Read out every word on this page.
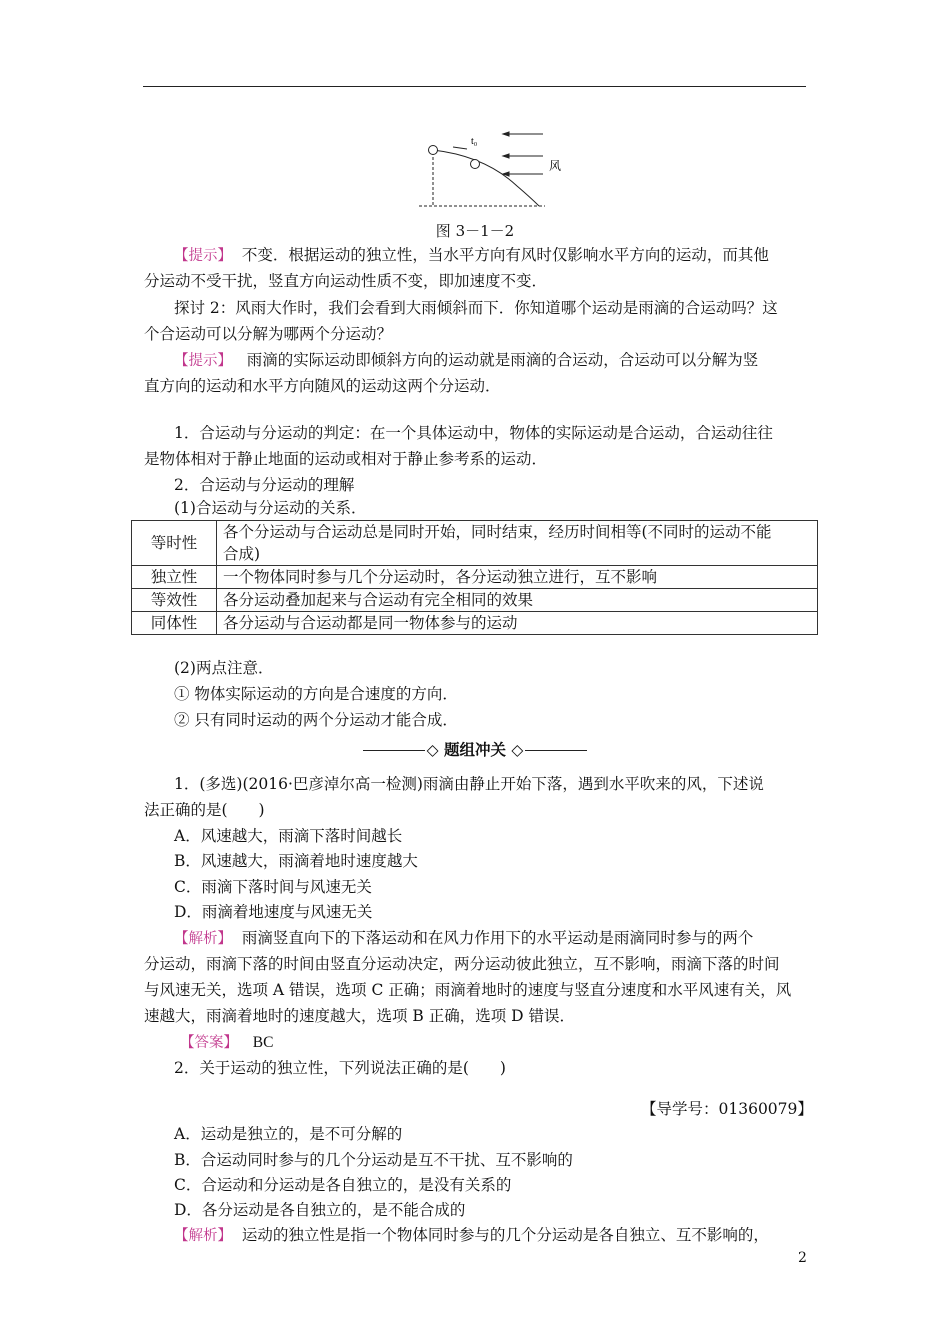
t₀
风
图 3－1－2
【提示】 不变．根据运动的独立性，当水平方向有风时仅影响水平方向的运动，而其他
分运动不受干扰，竖直方向运动性质不变，即加速度不变．
探讨 2：风雨大作时，我们会看到大雨倾斜而下．你知道哪个运动是雨滴的合运动吗？这
个合运动可以分解为哪两个分运动？
【提示】 雨滴的实际运动即倾斜方向的运动就是雨滴的合运动，合运动可以分解为竖
直方向的运动和水平方向随风的运动这两个分运动．
1．合运动与分运动的判定：在一个具体运动中，物体的实际运动是合运动，合运动往往
是物体相对于静止地面的运动或相对于静止参考系的运动．
2．合运动与分运动的理解
(1)合运动与分运动的关系．
等时性	各个分运动与合运动总是同时开始，同时结束，经历时间相等(不同时的运动不能
合成)
独立性	一个物体同时参与几个分运动时，各分运动独立进行，互不影响
等效性	各分运动叠加起来与合运动有完全相同的效果
同体性	各分运动与合运动都是同一物体参与的运动
(2)两点注意．
① 物体实际运动的方向是合速度的方向．
② 只有同时运动的两个分运动才能合成．
◇ 题组冲关 ◇
1．(多选)(2016·巴彦淖尔高一检测)雨滴由静止开始下落，遇到水平吹来的风，下述说
法正确的是(　　)
A．风速越大，雨滴下落时间越长
B．风速越大，雨滴着地时速度越大
C．雨滴下落时间与风速无关
D．雨滴着地速度与风速无关
【解析】 雨滴竖直向下的下落运动和在风力作用下的水平运动是雨滴同时参与的两个
分运动，雨滴下落的时间由竖直分运动决定，两分运动彼此独立，互不影响，雨滴下落的时间
与风速无关，选项 A 错误，选项 C 正确；雨滴着地时的速度与竖直分速度和水平风速有关，风
速越大，雨滴着地时的速度越大，选项 B 正确，选项 D 错误．
【答案】 BC
2．关于运动的独立性，下列说法正确的是(　　)
【导学号：01360079】
A．运动是独立的，是不可分解的
B．合运动同时参与的几个分运动是互不干扰、互不影响的
C．合运动和分运动是各自独立的，是没有关系的
D．各分运动是各自独立的，是不能合成的
【解析】 运动的独立性是指一个物体同时参与的几个分运动是各自独立、互不影响的，
2
